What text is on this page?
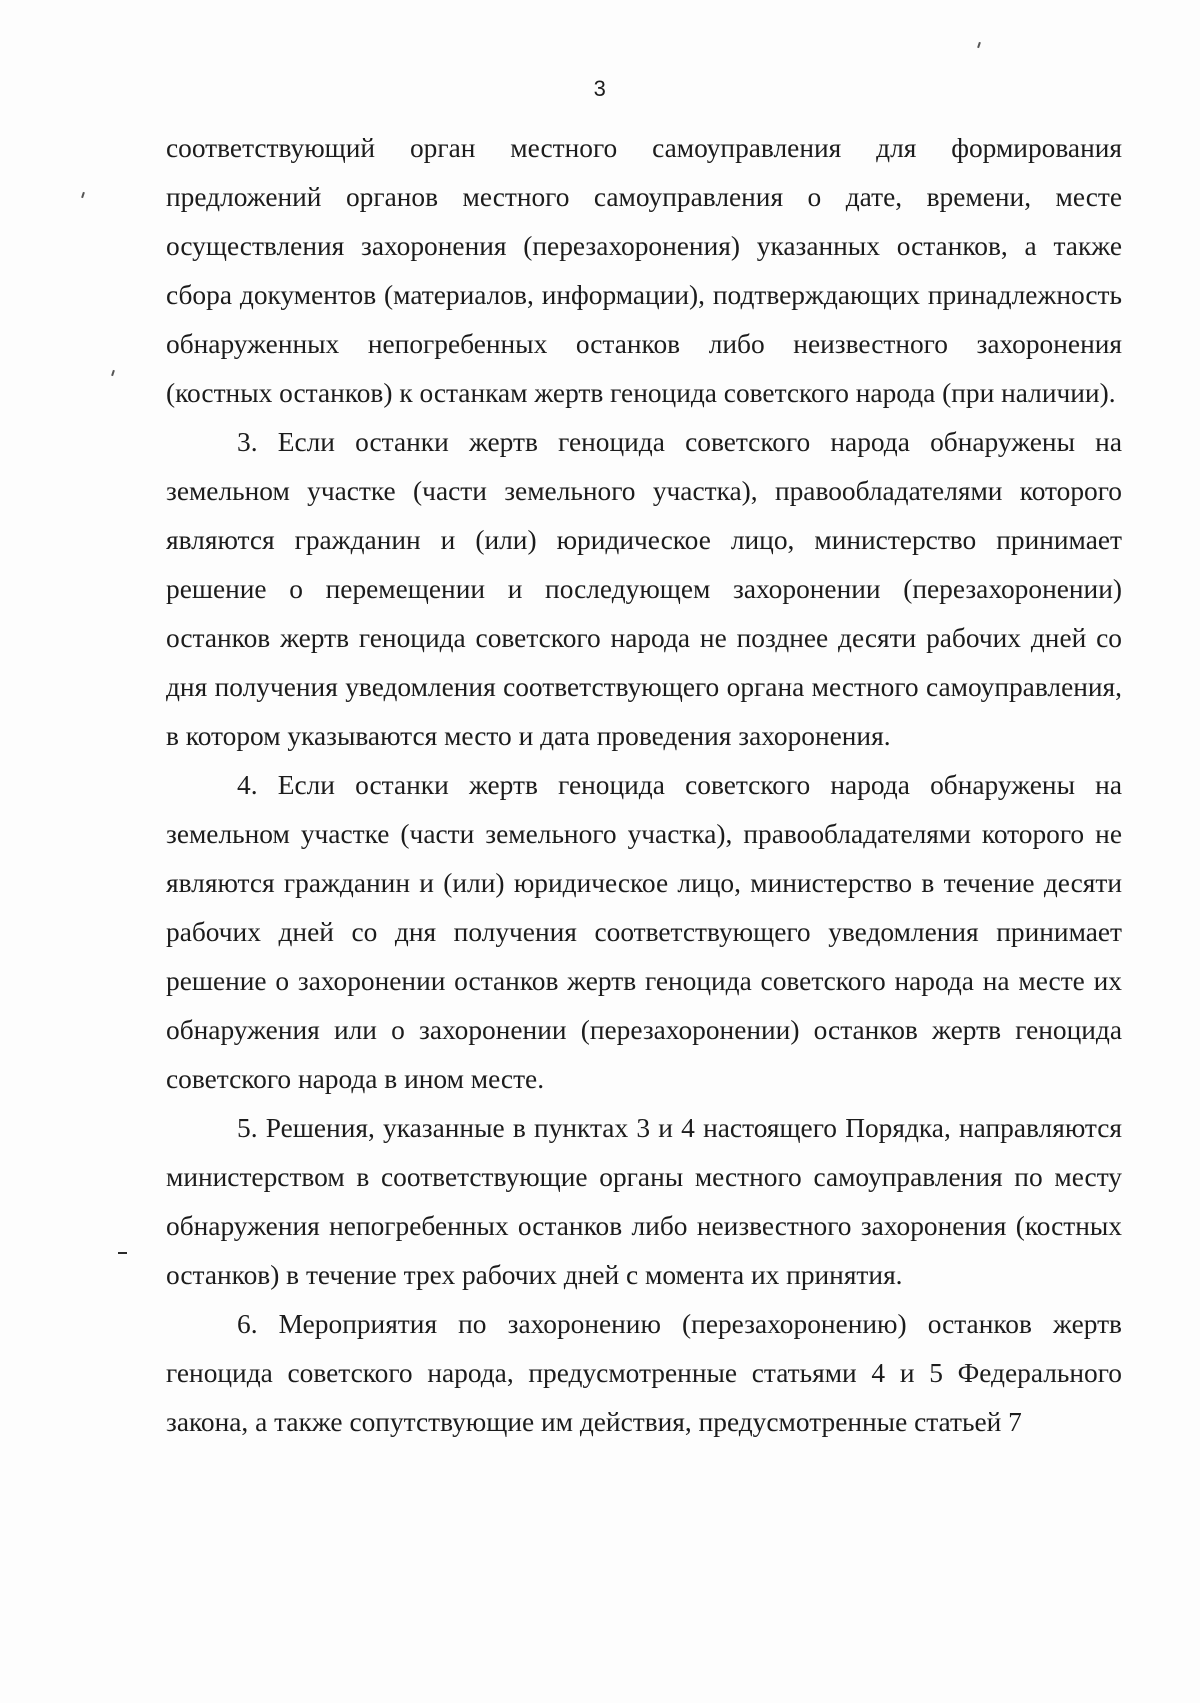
3

соответствующий орган местного самоуправления для формирования предложений органов местного самоуправления о дате, времени, месте осуществления захоронения (перезахоронения) указанных останков, а также сбора документов (материалов, информации), подтверждающих принадлежность обнаруженных непогребенных останков либо неизвестного захоронения (костных останков) к останкам жертв геноцида советского народа (при наличии).

3. Если останки жертв геноцида советского народа обнаружены на земельном участке (части земельного участка), правообладателями которого являются гражданин и (или) юридическое лицо, министерство принимает решение о перемещении и последующем захоронении (перезахоронении) останков жертв геноцида советского народа не позднее десяти рабочих дней со дня получения уведомления соответствующего органа местного самоуправления, в котором указываются место и дата проведения захоронения.

4. Если останки жертв геноцида советского народа обнаружены на земельном участке (части земельного участка), правообладателями которого не являются гражданин и (или) юридическое лицо, министерство в течение десяти рабочих дней со дня получения соответствующего уведомления принимает решение о захоронении останков жертв геноцида советского народа на месте их обнаружения или о захоронении (перезахоронении) останков жертв геноцида советского народа в ином месте.

5. Решения, указанные в пунктах 3 и 4 настоящего Порядка, направляются министерством в соответствующие органы местного самоуправления по месту обнаружения непогребенных останков либо неизвестного захоронения (костных останков) в течение трех рабочих дней с момента их принятия.

6. Мероприятия по захоронению (перезахоронению) останков жертв геноцида советского народа, предусмотренные статьями 4 и 5 Федерального закона, а также сопутствующие им действия, предусмотренные статьей 7
